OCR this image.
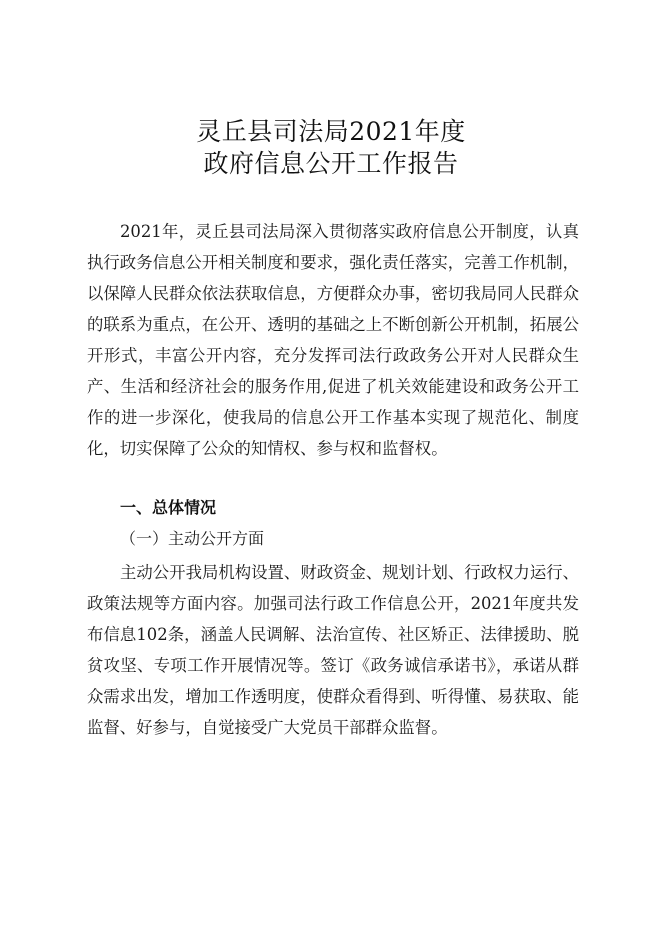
灵丘县司法局2021年度
政府信息公开工作报告

2021年，灵丘县司法局深入贯彻落实政府信息公开制度，认真执行政务信息公开相关制度和要求，强化责任落实，完善工作机制，以保障人民群众依法获取信息，方便群众办事，密切我局同人民群众的联系为重点，在公开、透明的基础之上不断创新公开机制，拓展公开形式，丰富公开内容，充分发挥司法行政政务公开对人民群众生产、生活和经济社会的服务作用,促进了机关效能建设和政务公开工作的进一步深化，使我局的信息公开工作基本实现了规范化、制度化，切实保障了公众的知情权、参与权和监督权。

一、总体情况
（一）主动公开方面

主动公开我局机构设置、财政资金、规划计划、行政权力运行、政策法规等方面内容。加强司法行政工作信息公开，2021年度共发布信息102条，涵盖人民调解、法治宣传、社区矫正、法律援助、脱贫攻坚、专项工作开展情况等。签订《政务诚信承诺书》，承诺从群众需求出发，增加工作透明度，使群众看得到、听得懂、易获取、能监督、好参与，自觉接受广大党员干部群众监督。
